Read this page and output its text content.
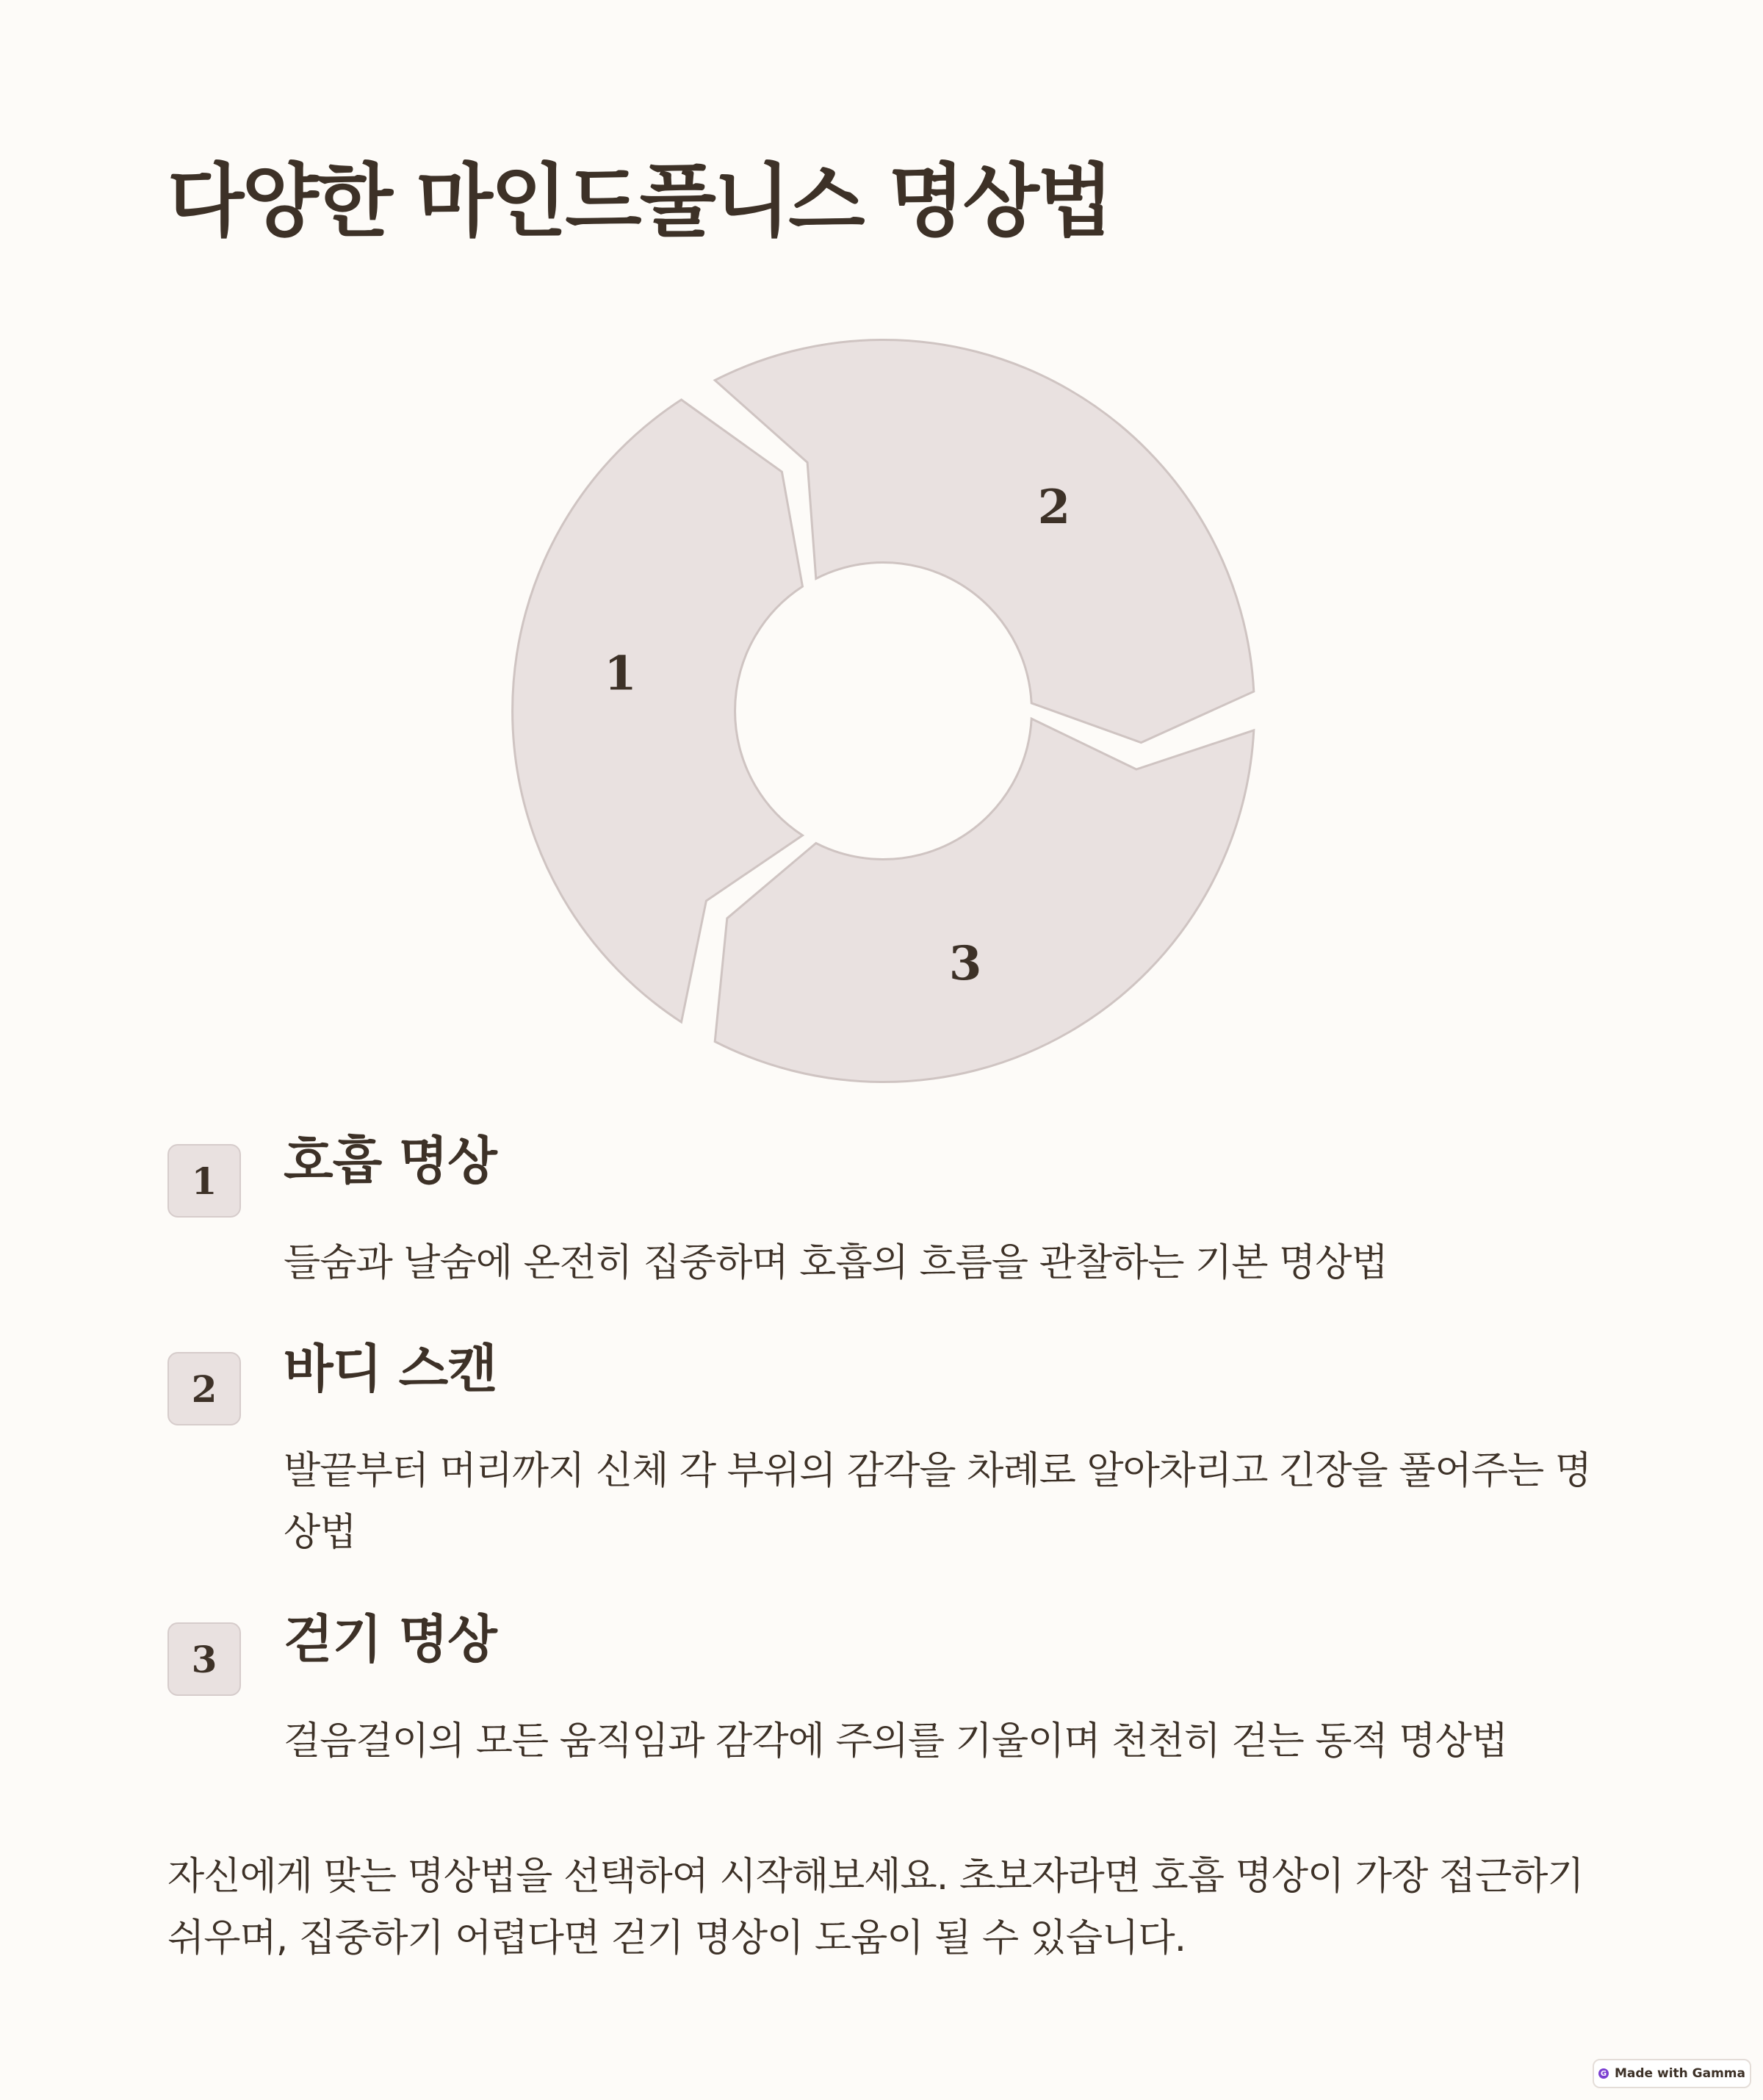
다양한 마인드풀니스 명상법
1
2
3
1	호흡 명상
들숨과 날숨에 온전히 집중하며 호흡의 흐름을 관찰하는 기본 명상법
2	바디 스캔
발끝부터 머리까지 신체 각 부위의 감각을 차례로 알아차리고 긴장을 풀어주는 명상법
3	걷기 명상
걸음걸이의 모든 움직임과 감각에 주의를 기울이며 천천히 걷는 동적 명상법

자신에게 맞는 명상법을 선택하여 시작해보세요. 초보자라면 호흡 명상이 가장 접근하기 쉬우며, 집중하기 어렵다면 걷기 명상이 도움이 될 수 있습니다.

G Made with Gamma
